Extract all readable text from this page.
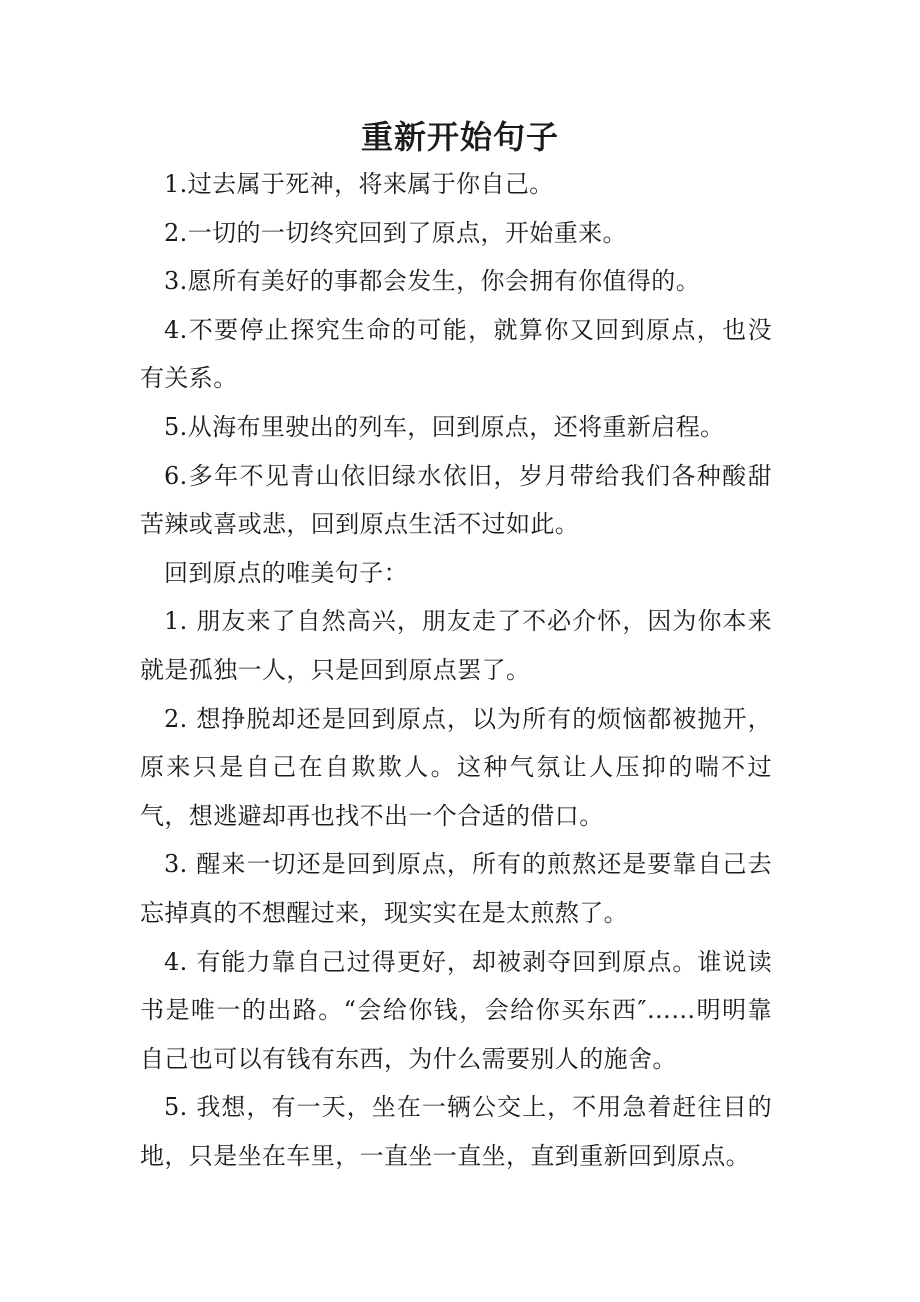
重新开始句子

1.过去属于死神，将来属于你自己。

2.一切的一切终究回到了原点，开始重来。

3.愿所有美好的事都会发生，你会拥有你值得的。

4.不要停止探究生命的可能，就算你又回到原点，也没有关系。

5.从海布里驶出的列车，回到原点，还将重新启程。

6.多年不见青山依旧绿水依旧，岁月带给我们各种酸甜苦辣或喜或悲，回到原点生活不过如此。

回到原点的唯美句子：

1. 朋友来了自然高兴，朋友走了不必介怀，因为你本来就是孤独一人，只是回到原点罢了。

2. 想挣脱却还是回到原点，以为所有的烦恼都被抛开，原来只是自己在自欺欺人。这种气氛让人压抑的喘不过气，想逃避却再也找不出一个合适的借口。

3. 醒来一切还是回到原点，所有的煎熬还是要靠自己去忘掉真的不想醒过来，现实实在是太煎熬了。

4. 有能力靠自己过得更好，却被剥夺回到原点。谁说读书是唯一的出路。“会给你钱，会给你买东西″……明明靠自己也可以有钱有东西，为什么需要别人的施舍。

5. 我想，有一天，坐在一辆公交上，不用急着赶往目的地，只是坐在车里，一直坐一直坐，直到重新回到原点。
